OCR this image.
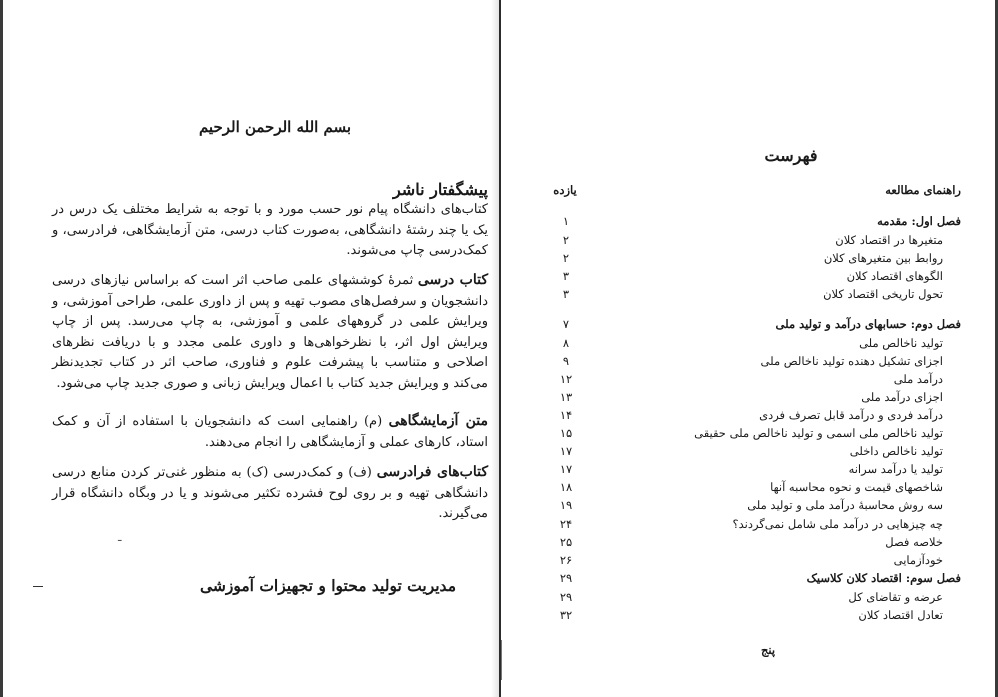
بسم الله الرحمن الرحیم
پیشگفتار ناشر
کتاب‌های دانشگاه پیام نور حسب مورد و با توجه به شرایط مختلف یک درس در یک یا چند رشتهٔ دانشگاهی، به‌صورت کتاب درسی، متن آزمایشگاهی، فرادرسی، و کمک‌درسی چاپ می‌شوند.
کتاب درسی ثمرهٔ کوششهای علمی صاحب اثر است که براساس نیازهای درسی دانشجویان و سرفصل‌های مصوب تهیه و پس از داوری علمی، طراحی آموزشی، و ویرایش علمی در گروههای علمی و آموزشی، به چاپ می‌رسد. پس از چاپ ویرایش اول اثر، با نظرخواهی‌ها و داوری علمی مجدد و با دریافت نظرهای اصلاحی و متناسب با پیشرفت علوم و فناوری، صاحب اثر در کتاب تجدیدنظر می‌کند و ویرایش جدید کتاب با اعمال ویرایش زبانی و صوری جدید چاپ می‌شود.
متن آزمایشگاهی (م) راهنمایی است که دانشجویان با استفاده از آن و کمک استاد، کارهای عملی و آزمایشگاهی را انجام می‌دهند.
کتاب‌های فرادرسی (ف) و کمک‌درسی (ک) به منظور غنی‌تر کردن منابع درسی دانشگاهی تهیه و بر روی لوح فشرده تکثیر می‌شوند و یا در وبگاه دانشگاه قرار می‌گیرند.
ـ
مدیریت تولید محتوا و تجهیزات آموزشی
فهرست
راهنمای مطالعه
یازده
فصل اول: مقدمه
۱
متغیرها در اقتصاد کلان
۲
روابط بین متغیرهای کلان
۲
الگوهای اقتصاد کلان
۳
تحول تاریخی اقتصاد کلان
۳
فصل دوم: حسابهای درآمد و تولید ملی
۷
تولید ناخالص ملی
۸
اجزای تشکیل دهنده تولید ناخالص ملی
۹
درآمد ملی
۱۲
اجزای درآمد ملی
۱۳
درآمد فردی و درآمد قابل تصرف فردی
۱۴
تولید ناخالص ملی اسمی و تولید ناخالص ملی حقیقی
۱۵
تولید ناخالص داخلی
۱۷
تولید یا درآمد سرانه
۱۷
شاخصهای قیمت و نحوه محاسبه آنها
۱۸
سه روش محاسبهٔ درآمد ملی و تولید ملی
۱۹
چه چیزهایی در درآمد ملی شامل نمی‌گردند؟
۲۴
خلاصه فصل
۲۵
خودآزمایی
۲۶
فصل سوم: اقتصاد کلان کلاسیک
۲۹
عرضه و تقاضای کل
۲۹
تعادل اقتصاد کلان
۳۲
پنج
